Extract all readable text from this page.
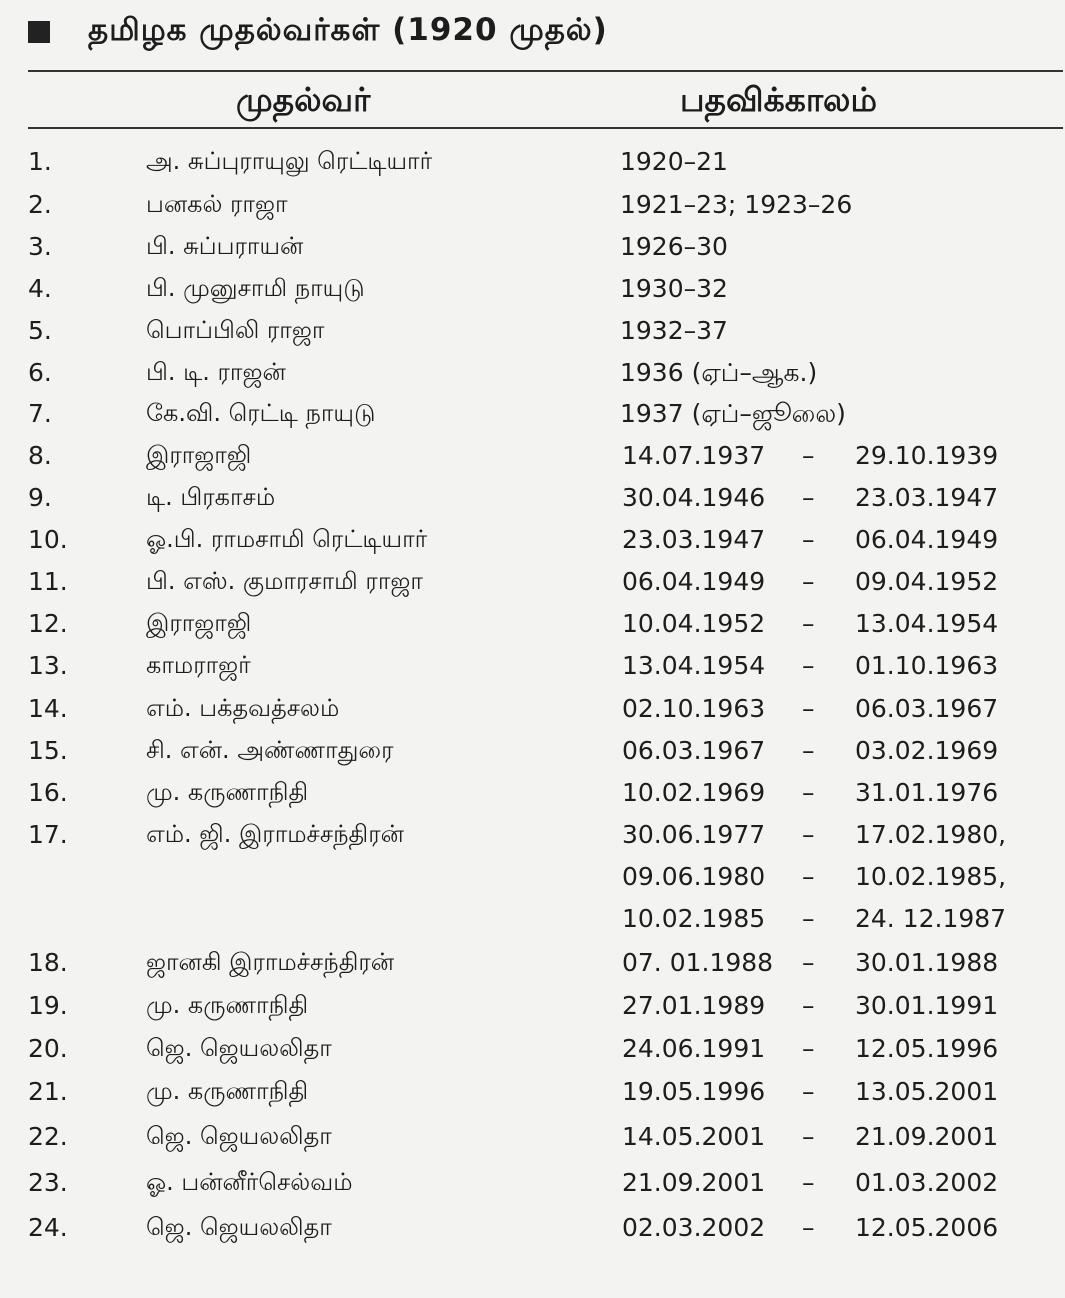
தமிழக முதல்வர்கள் (1920 முதல்)
முதல்வர்	பதவிக்காலம்
1.	அ. சுப்புராயுலு ரெட்டியார்	1920–21
2.	பனகல் ராஜா	1921–23; 1923–26
3.	பி. சுப்பராயன்	1926–30
4.	பி. முனுசாமி நாயுடு	1930–32
5.	பொப்பிலி ராஜா	1932–37
6.	பி. டி. ராஜன்	1936 (ஏப்–ஆக.)
7.	கே.வி. ரெட்டி நாயுடு	1937 (ஏப்–ஜூலை)
8.	இராஜாஜி	14.07.1937 – 29.10.1939
9.	டி. பிரகாசம்	30.04.1946 – 23.03.1947
10.	ஓ.பி. ராமசாமி ரெட்டியார்	23.03.1947 – 06.04.1949
11.	பி. எஸ். குமாரசாமி ராஜா	06.04.1949 – 09.04.1952
12.	இராஜாஜி	10.04.1952 – 13.04.1954
13.	காமராஜர்	13.04.1954 – 01.10.1963
14.	எம். பக்தவத்சலம்	02.10.1963 – 06.03.1967
15.	சி. என். அண்ணாதுரை	06.03.1967 – 03.02.1969
16.	மு. கருணாநிதி	10.02.1969 – 31.01.1976
17.	எம். ஜி. இராமச்சந்திரன்	30.06.1977 – 17.02.1980,
09.06.1980 – 10.02.1985,
10.02.1985 – 24. 12.1987
18.	ஜானகி இராமச்சந்திரன்	07. 01.1988 – 30.01.1988
19.	மு. கருணாநிதி	27.01.1989 – 30.01.1991
20.	ஜெ. ஜெயலலிதா	24.06.1991 – 12.05.1996
21.	மு. கருணாநிதி	19.05.1996 – 13.05.2001
22.	ஜெ. ஜெயலலிதா	14.05.2001 – 21.09.2001
23.	ஓ. பன்னீர்செல்வம்	21.09.2001 – 01.03.2002
24.	ஜெ. ஜெயலலிதா	02.03.2002 – 12.05.2006
